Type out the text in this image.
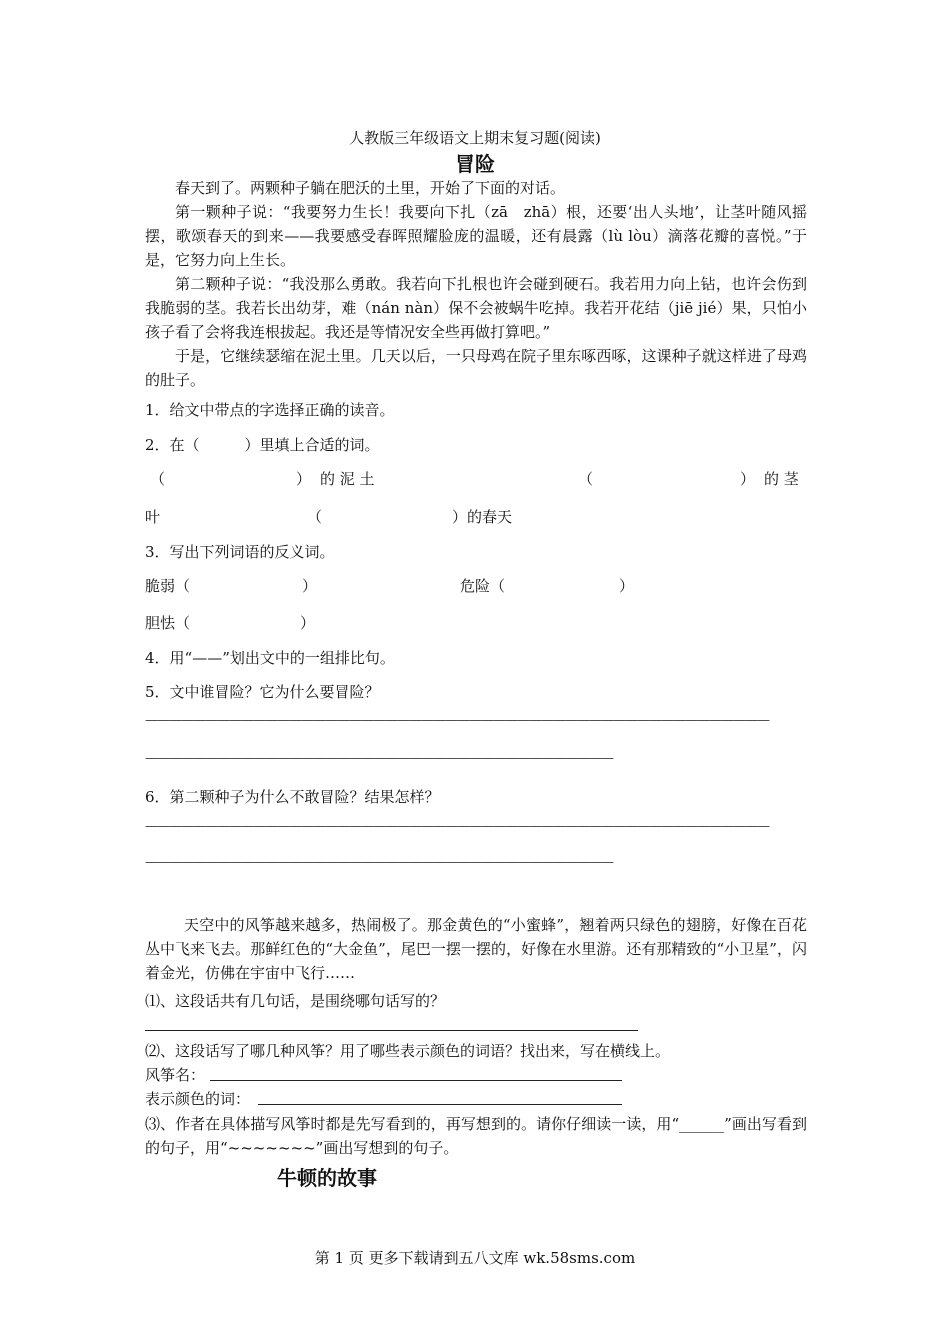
人教版三年级语文上期末复习题(阅读)
冒险
春天到了。两颗种子躺在肥沃的土里，开始了下面的对话。
第一颗种子说：“我要努力生长！我要向下扎（zā　zhā）根，还要‘出人头地’，让茎叶随风摇摆，歌颂春天的到来——我要感受春晖照耀脸庞的温暖，还有晨露（lù lòu）滴落花瓣的喜悦。”于是，它努力向上生长。
第二颗种子说：“我没那么勇敢。我若向下扎根也许会碰到硬石。我若用力向上钻，也许会伤到我脆弱的茎。我若长出幼芽，难（nán nàn）保不会被蜗牛吃掉。我若开花结（jiē jié）果，只怕小孩子看了会将我连根拔起。我还是等情况安全些再做打算吧。”
于是，它继续瑟缩在泥土里。几天以后，一只母鸡在院子里东啄西啄，这课种子就这样进了母鸡的肚子。
1．给文中带点的字选择正确的读音。
2．在（　　　）里填上合适的词。
（	） 的 泥 土	（	） 的 茎
叶	（	）的春天
3．写出下列词语的反义词。
脆弱（	）	危险（	）
胆怯（	）
4．用“——”划出文中的一组排比句。
5．文中谁冒险？它为什么要冒险？
————————————————————————————————————————————————————
———————————————————————————————————————
6．第二颗种子为什么不敢冒险？结果怎样？
————————————————————————————————————————————————————
———————————————————————————————————————
天空中的风筝越来越多，热闹极了。那金黄色的“小蜜蜂”，翘着两只绿色的翅膀，好像在百花丛中飞来飞去。那鲜红色的“大金鱼”，尾巴一摆一摆的，好像在水里游。还有那精致的“小卫星”，闪着金光，仿佛在宇宙中飞行……
⑴、这段话共有几句话，是围绕哪句话写的？
⑵、这段话写了哪几种风筝？用了哪些表示颜色的词语？找出来，写在横线上。
风筝名：
表示颜色的词：
⑶、作者在具体描写风筝时都是先写看到的，再写想到的。请你仔细读一读，用“______”画出写看到的句子，用“~~~~~~~”画出写想到的句子。
牛顿的故事
第 1 页 更多下载请到五八文库 wk.58sms.com
